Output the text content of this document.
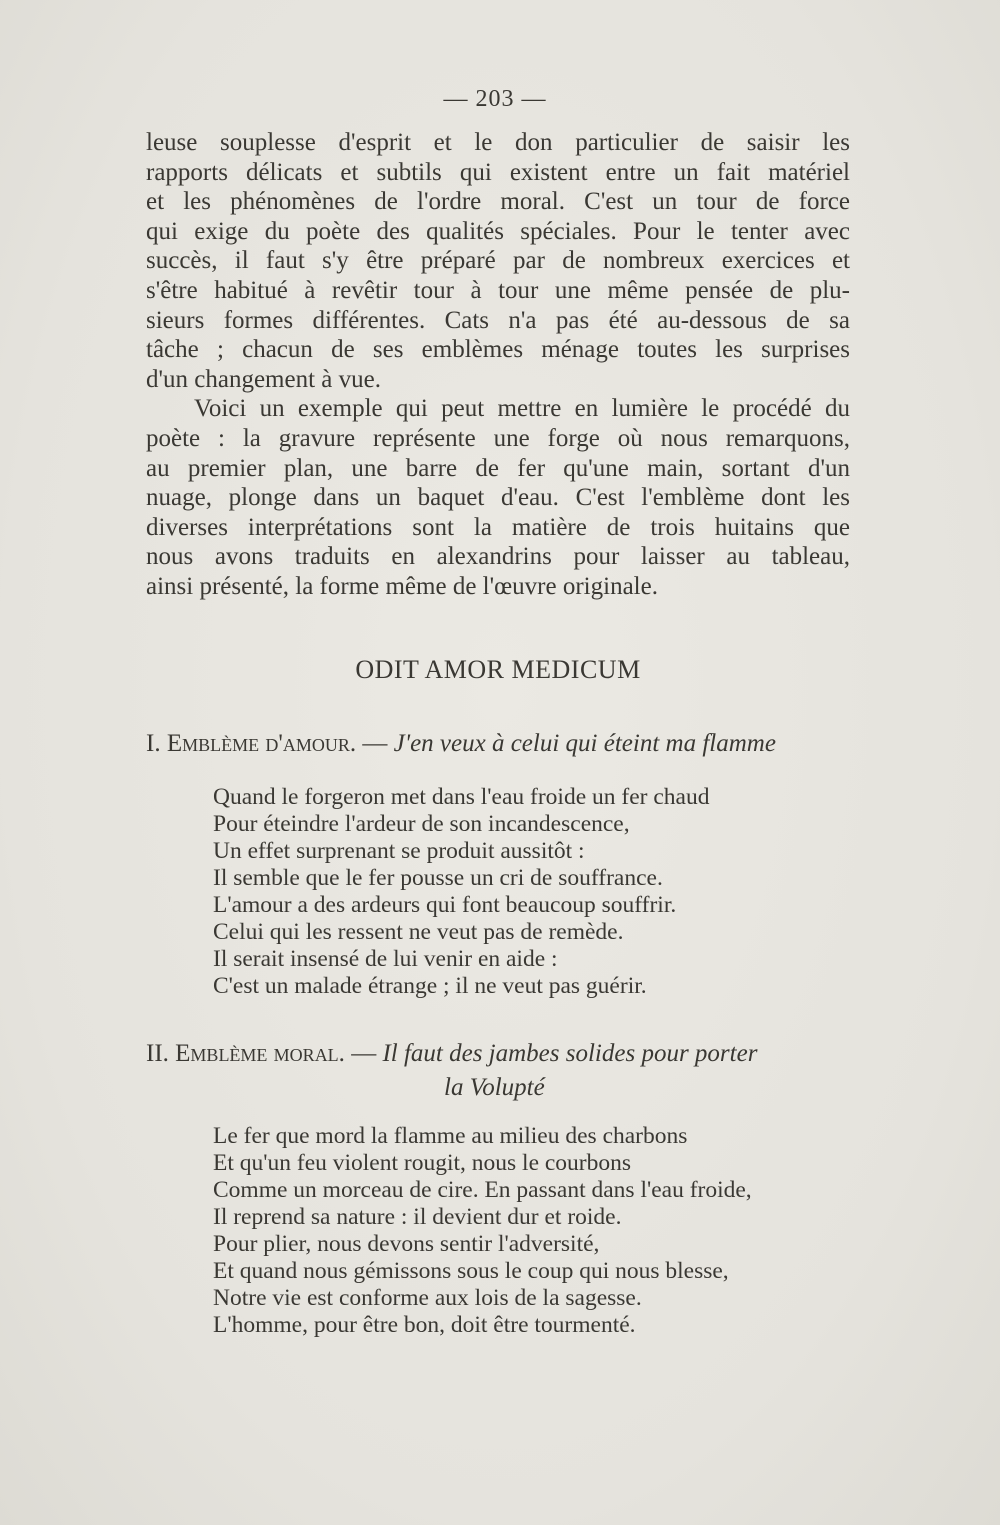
— 203 —
leuse souplesse d'esprit et le don particulier de saisir les
rapports délicats et subtils qui existent entre un fait matériel
et les phénomènes de l'ordre moral. C'est un tour de force
qui exige du poète des qualités spéciales. Pour le tenter avec
succès, il faut s'y être préparé par de nombreux exercices et
s'être habitué à revêtir tour à tour une même pensée de plu-
sieurs formes différentes. Cats n'a pas été au-dessous de sa
tâche ; chacun de ses emblèmes ménage toutes les surprises
d'un changement à vue.
Voici un exemple qui peut mettre en lumière le procédé du
poète : la gravure représente une forge où nous remarquons,
au premier plan, une barre de fer qu'une main, sortant d'un
nuage, plonge dans un baquet d'eau. C'est l'emblème dont les
diverses interprétations sont la matière de trois huitains que
nous avons traduits en alexandrins pour laisser au tableau,
ainsi présenté, la forme même de l'œuvre originale.
ODIT AMOR MEDICUM
I. Emblème d'amour. — J'en veux à celui qui éteint ma flamme
Quand le forgeron met dans l'eau froide un fer chaud
Pour éteindre l'ardeur de son incandescence,
Un effet surprenant se produit aussitôt :
Il semble que le fer pousse un cri de souffrance.
L'amour a des ardeurs qui font beaucoup souffrir.
Celui qui les ressent ne veut pas de remède.
Il serait insensé de lui venir en aide :
C'est un malade étrange ; il ne veut pas guérir.
II. Emblème moral. — Il faut des jambes solides pour porter
la Volupté
Le fer que mord la flamme au milieu des charbons
Et qu'un feu violent rougit, nous le courbons
Comme un morceau de cire. En passant dans l'eau froide,
Il reprend sa nature : il devient dur et roide.
Pour plier, nous devons sentir l'adversité,
Et quand nous gémissons sous le coup qui nous blesse,
Notre vie est conforme aux lois de la sagesse.
L'homme, pour être bon, doit être tourmenté.
